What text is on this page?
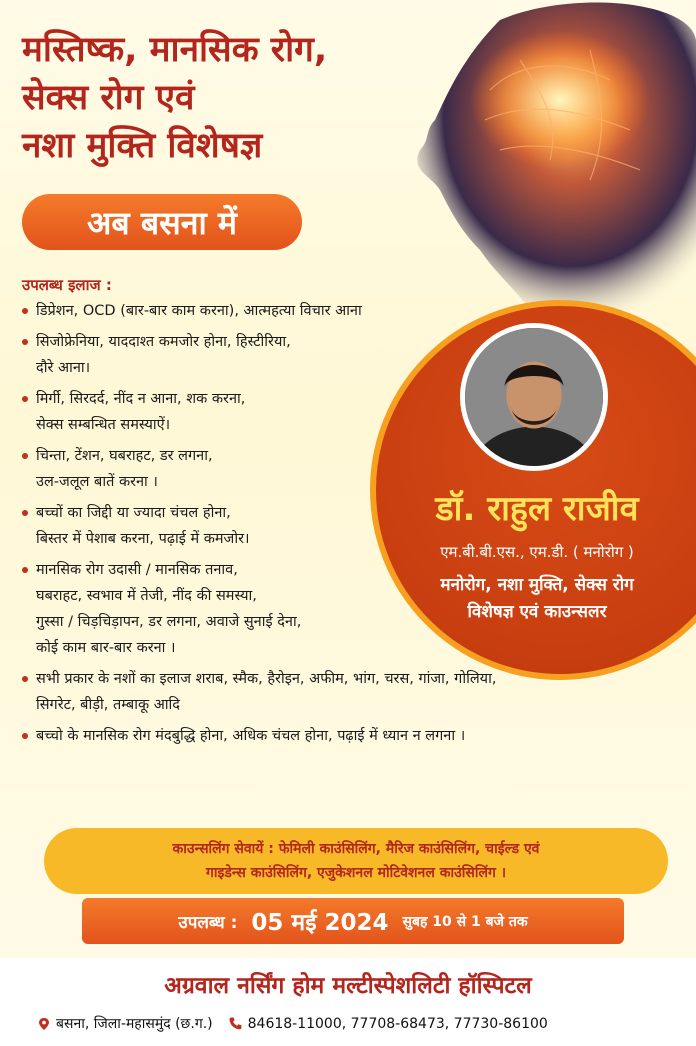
मस्तिष्क, मानसिक रोग,
सेक्स रोग एवं
नशा मुक्ति विशेषज्ञ
अब बसना में
डॉ. राहुल राजीव
एम.बी.बी.एस., एम.डी. ( मनोरोग )
मनोरोग, नशा मुक्ति, सेक्स रोग
विशेषज्ञ एवं काउन्सलर
उपलब्ध इलाज :
डिप्रेशन, OCD (बार-बार काम करना), आत्महत्या विचार आना
सिजोफ्रेनिया, याददाश्त कमजोर होना, हिस्टीरिया,
दौरे आना।
मिर्गी, सिरदर्द, नींद न आना, शक करना,
सेक्स सम्बन्धित समस्याऐं।
चिन्ता, टेंशन, घबराहट, डर लगना,
उल-जलूल बातें करना ।
बच्चों का जिद्दी या ज्यादा चंचल होना,
बिस्तर में पेशाब करना, पढ़ाई में कमजोर।
मानसिक रोग उदासी / मानसिक तनाव,
घबराहट, स्वभाव में तेजी, नींद की समस्या,
गुस्सा / चिड़चिड़ापन, डर लगना, अवाजे सुनाई देना,
कोई काम बार-बार करना ।
सभी प्रकार के नशों का इलाज शराब, स्मैक, हैरोइन, अफीम, भांग, चरस, गांजा, गोलिया,
सिगरेट, बीड़ी, तम्बाकू आदि
बच्चो के मानसिक रोग मंदबुद्धि होना, अधिक चंचल होना, पढ़ाई में ध्यान न लगना ।
काउन्सलिंग सेवायें : फेमिली काउंसिलिंग, मैरिज काउंसिलिंग, चाईल्ड एवं
गाइडेन्स काउंसिलिंग, एजुकेशनल मोटिवेशनल काउंसिलिंग ।
उपलब्ध : 05 मई 2024 सुबह 10 से 1 बजे तक
अग्रवाल नर्सिंग होम मल्टीस्पेशलिटी हॉस्पिटल
बसना, जिला-महासमुंद (छ.ग.)	84618-11000, 77708-68473, 77730-86100
